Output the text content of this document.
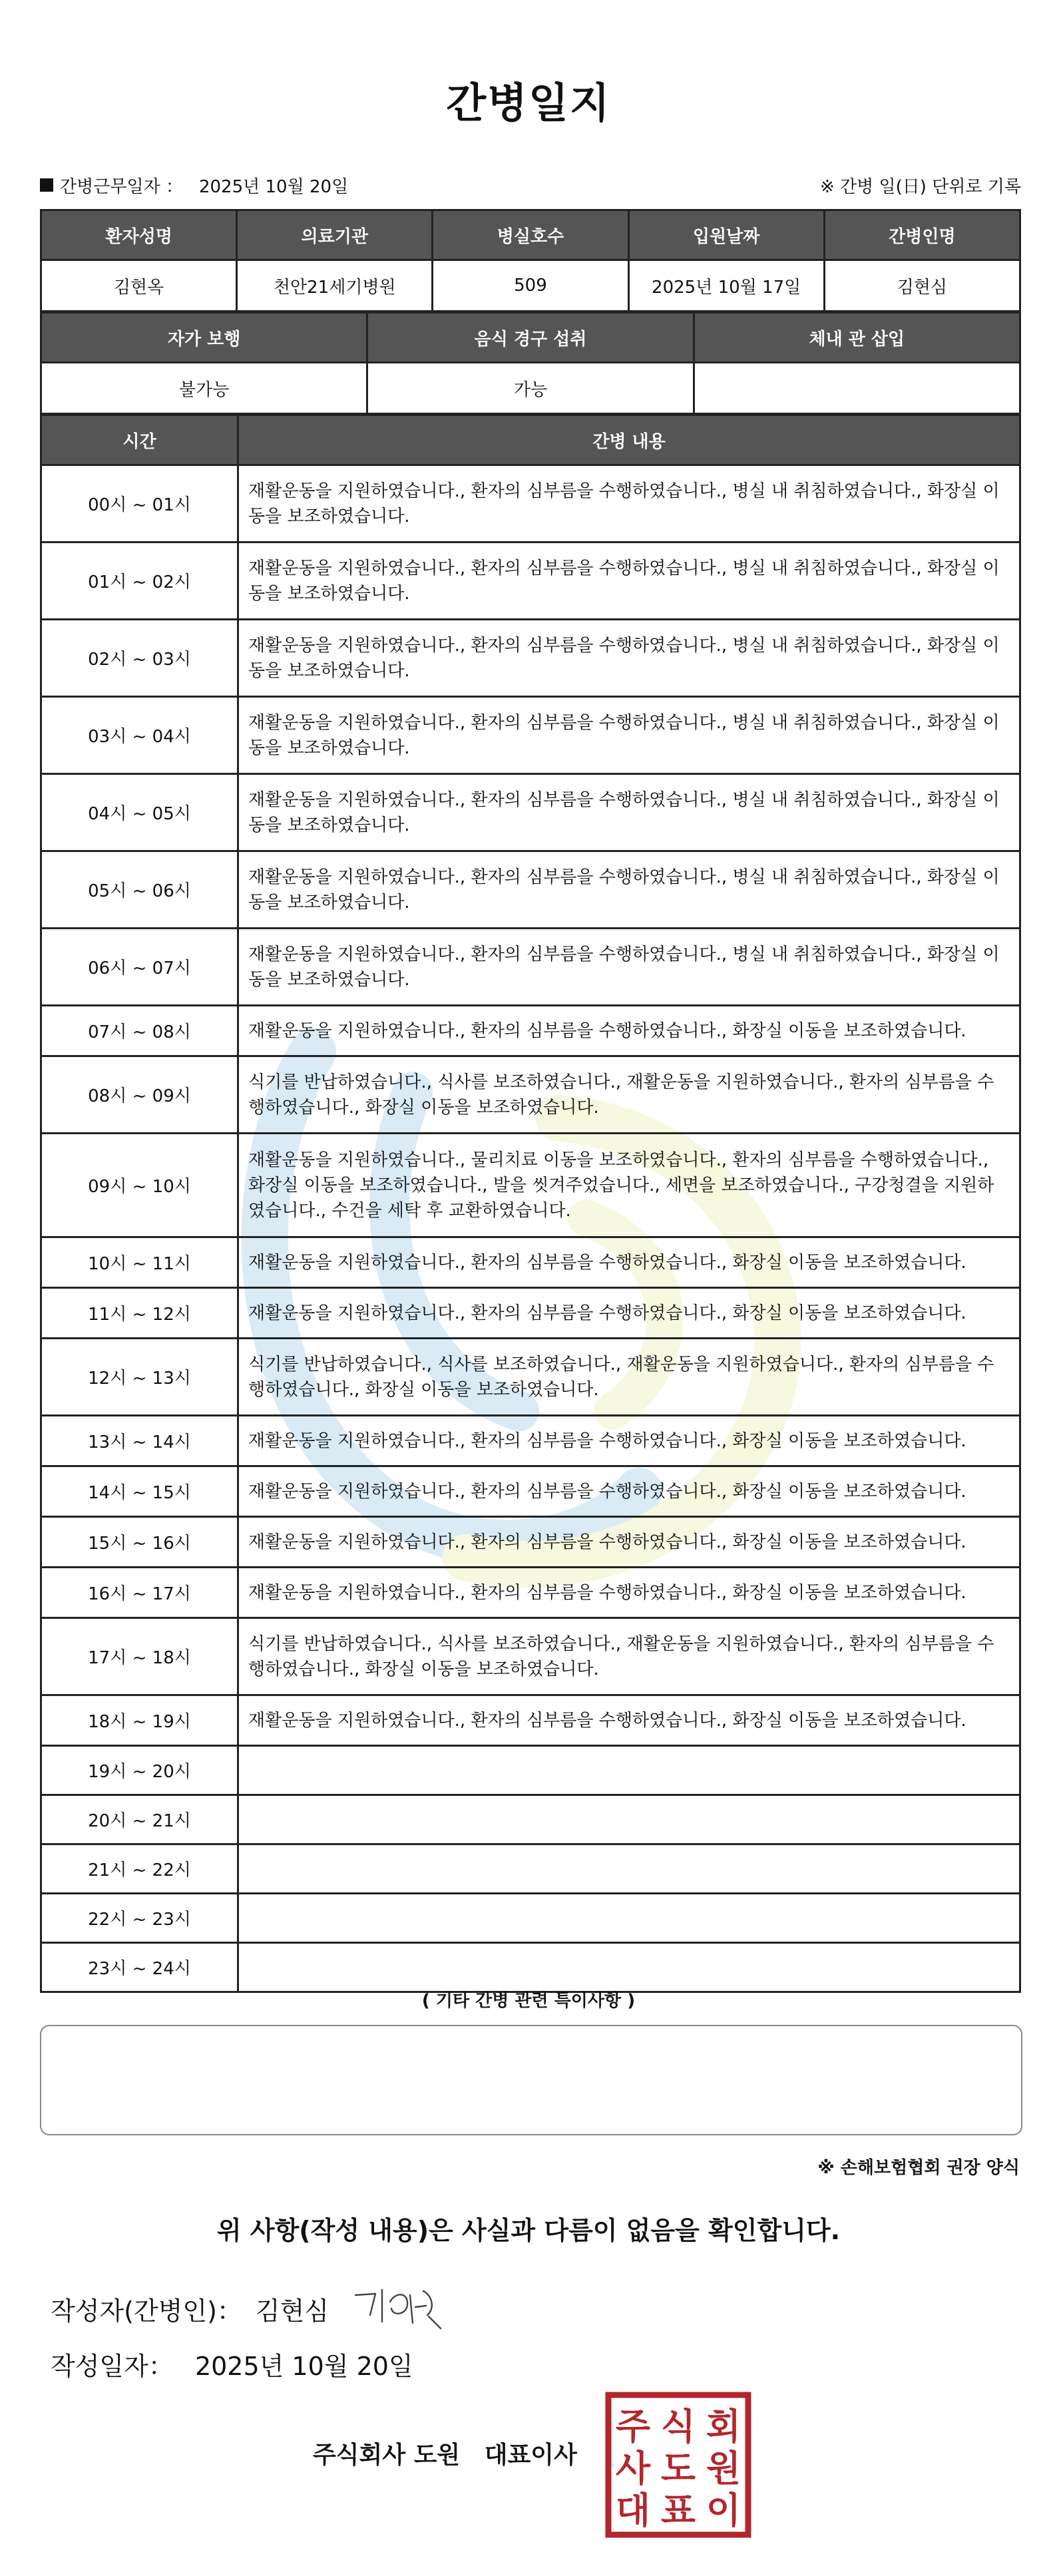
간병일지
간병근무일자 ： 2025년 10월 20일	※ 간병 일(日) 단위로 기록
환자성명	의료기관	병실호수	입원날짜	간병인명
김현옥	천안21세기병원	509	2025년 10월 17일	김현심
자가 보행	음식 경구 섭취	체내 관 삽입
불가능	가능	
시간	간병 내용
00시 ~ 01시	재활운동을 지원하였습니다., 환자의 심부름을 수행하였습니다., 병실 내 취침하였습니다., 화장실 이동을 보조하였습니다.
01시 ~ 02시	재활운동을 지원하였습니다., 환자의 심부름을 수행하였습니다., 병실 내 취침하였습니다., 화장실 이동을 보조하였습니다.
02시 ~ 03시	재활운동을 지원하였습니다., 환자의 심부름을 수행하였습니다., 병실 내 취침하였습니다., 화장실 이동을 보조하였습니다.
03시 ~ 04시	재활운동을 지원하였습니다., 환자의 심부름을 수행하였습니다., 병실 내 취침하였습니다., 화장실 이동을 보조하였습니다.
04시 ~ 05시	재활운동을 지원하였습니다., 환자의 심부름을 수행하였습니다., 병실 내 취침하였습니다., 화장실 이동을 보조하였습니다.
05시 ~ 06시	재활운동을 지원하였습니다., 환자의 심부름을 수행하였습니다., 병실 내 취침하였습니다., 화장실 이동을 보조하였습니다.
06시 ~ 07시	재활운동을 지원하였습니다., 환자의 심부름을 수행하였습니다., 병실 내 취침하였습니다., 화장실 이동을 보조하였습니다.
07시 ~ 08시	재활운동을 지원하였습니다., 환자의 심부름을 수행하였습니다., 화장실 이동을 보조하였습니다.
08시 ~ 09시	식기를 반납하였습니다., 식사를 보조하였습니다., 재활운동을 지원하였습니다., 환자의 심부름을 수행하였습니다., 화장실 이동을 보조하였습니다.
09시 ~ 10시	재활운동을 지원하였습니다., 물리치료 이동을 보조하였습니다., 환자의 심부름을 수행하였습니다., 화장실 이동을 보조하였습니다., 발을 씻겨주었습니다., 세면을 보조하였습니다., 구강청결을 지원하였습니다., 수건을 세탁 후 교환하였습니다.
10시 ~ 11시	재활운동을 지원하였습니다., 환자의 심부름을 수행하였습니다., 화장실 이동을 보조하였습니다.
11시 ~ 12시	재활운동을 지원하였습니다., 환자의 심부름을 수행하였습니다., 화장실 이동을 보조하였습니다.
12시 ~ 13시	식기를 반납하였습니다., 식사를 보조하였습니다., 재활운동을 지원하였습니다., 환자의 심부름을 수행하였습니다., 화장실 이동을 보조하였습니다.
13시 ~ 14시	재활운동을 지원하였습니다., 환자의 심부름을 수행하였습니다., 화장실 이동을 보조하였습니다.
14시 ~ 15시	재활운동을 지원하였습니다., 환자의 심부름을 수행하였습니다., 화장실 이동을 보조하였습니다.
15시 ~ 16시	재활운동을 지원하였습니다., 환자의 심부름을 수행하였습니다., 화장실 이동을 보조하였습니다.
16시 ~ 17시	재활운동을 지원하였습니다., 환자의 심부름을 수행하였습니다., 화장실 이동을 보조하였습니다.
17시 ~ 18시	식기를 반납하였습니다., 식사를 보조하였습니다., 재활운동을 지원하였습니다., 환자의 심부름을 수행하였습니다., 화장실 이동을 보조하였습니다.
18시 ~ 19시	재활운동을 지원하였습니다., 환자의 심부름을 수행하였습니다., 화장실 이동을 보조하였습니다.
19시 ~ 20시	
20시 ~ 21시	
21시 ~ 22시	
22시 ~ 23시	
23시 ~ 24시	
( 기타 간병 관련 특이사항 )
※ 손해보험협회 권장 양식
위 사항(작성 내용)은 사실과 다름이 없음을 확인합니다.
작성자(간병인)： 김현심
작성일자： 2025년 10월 20일
주식회사 도원 대표이사
주 식 회
사 도 원
대 표 이
